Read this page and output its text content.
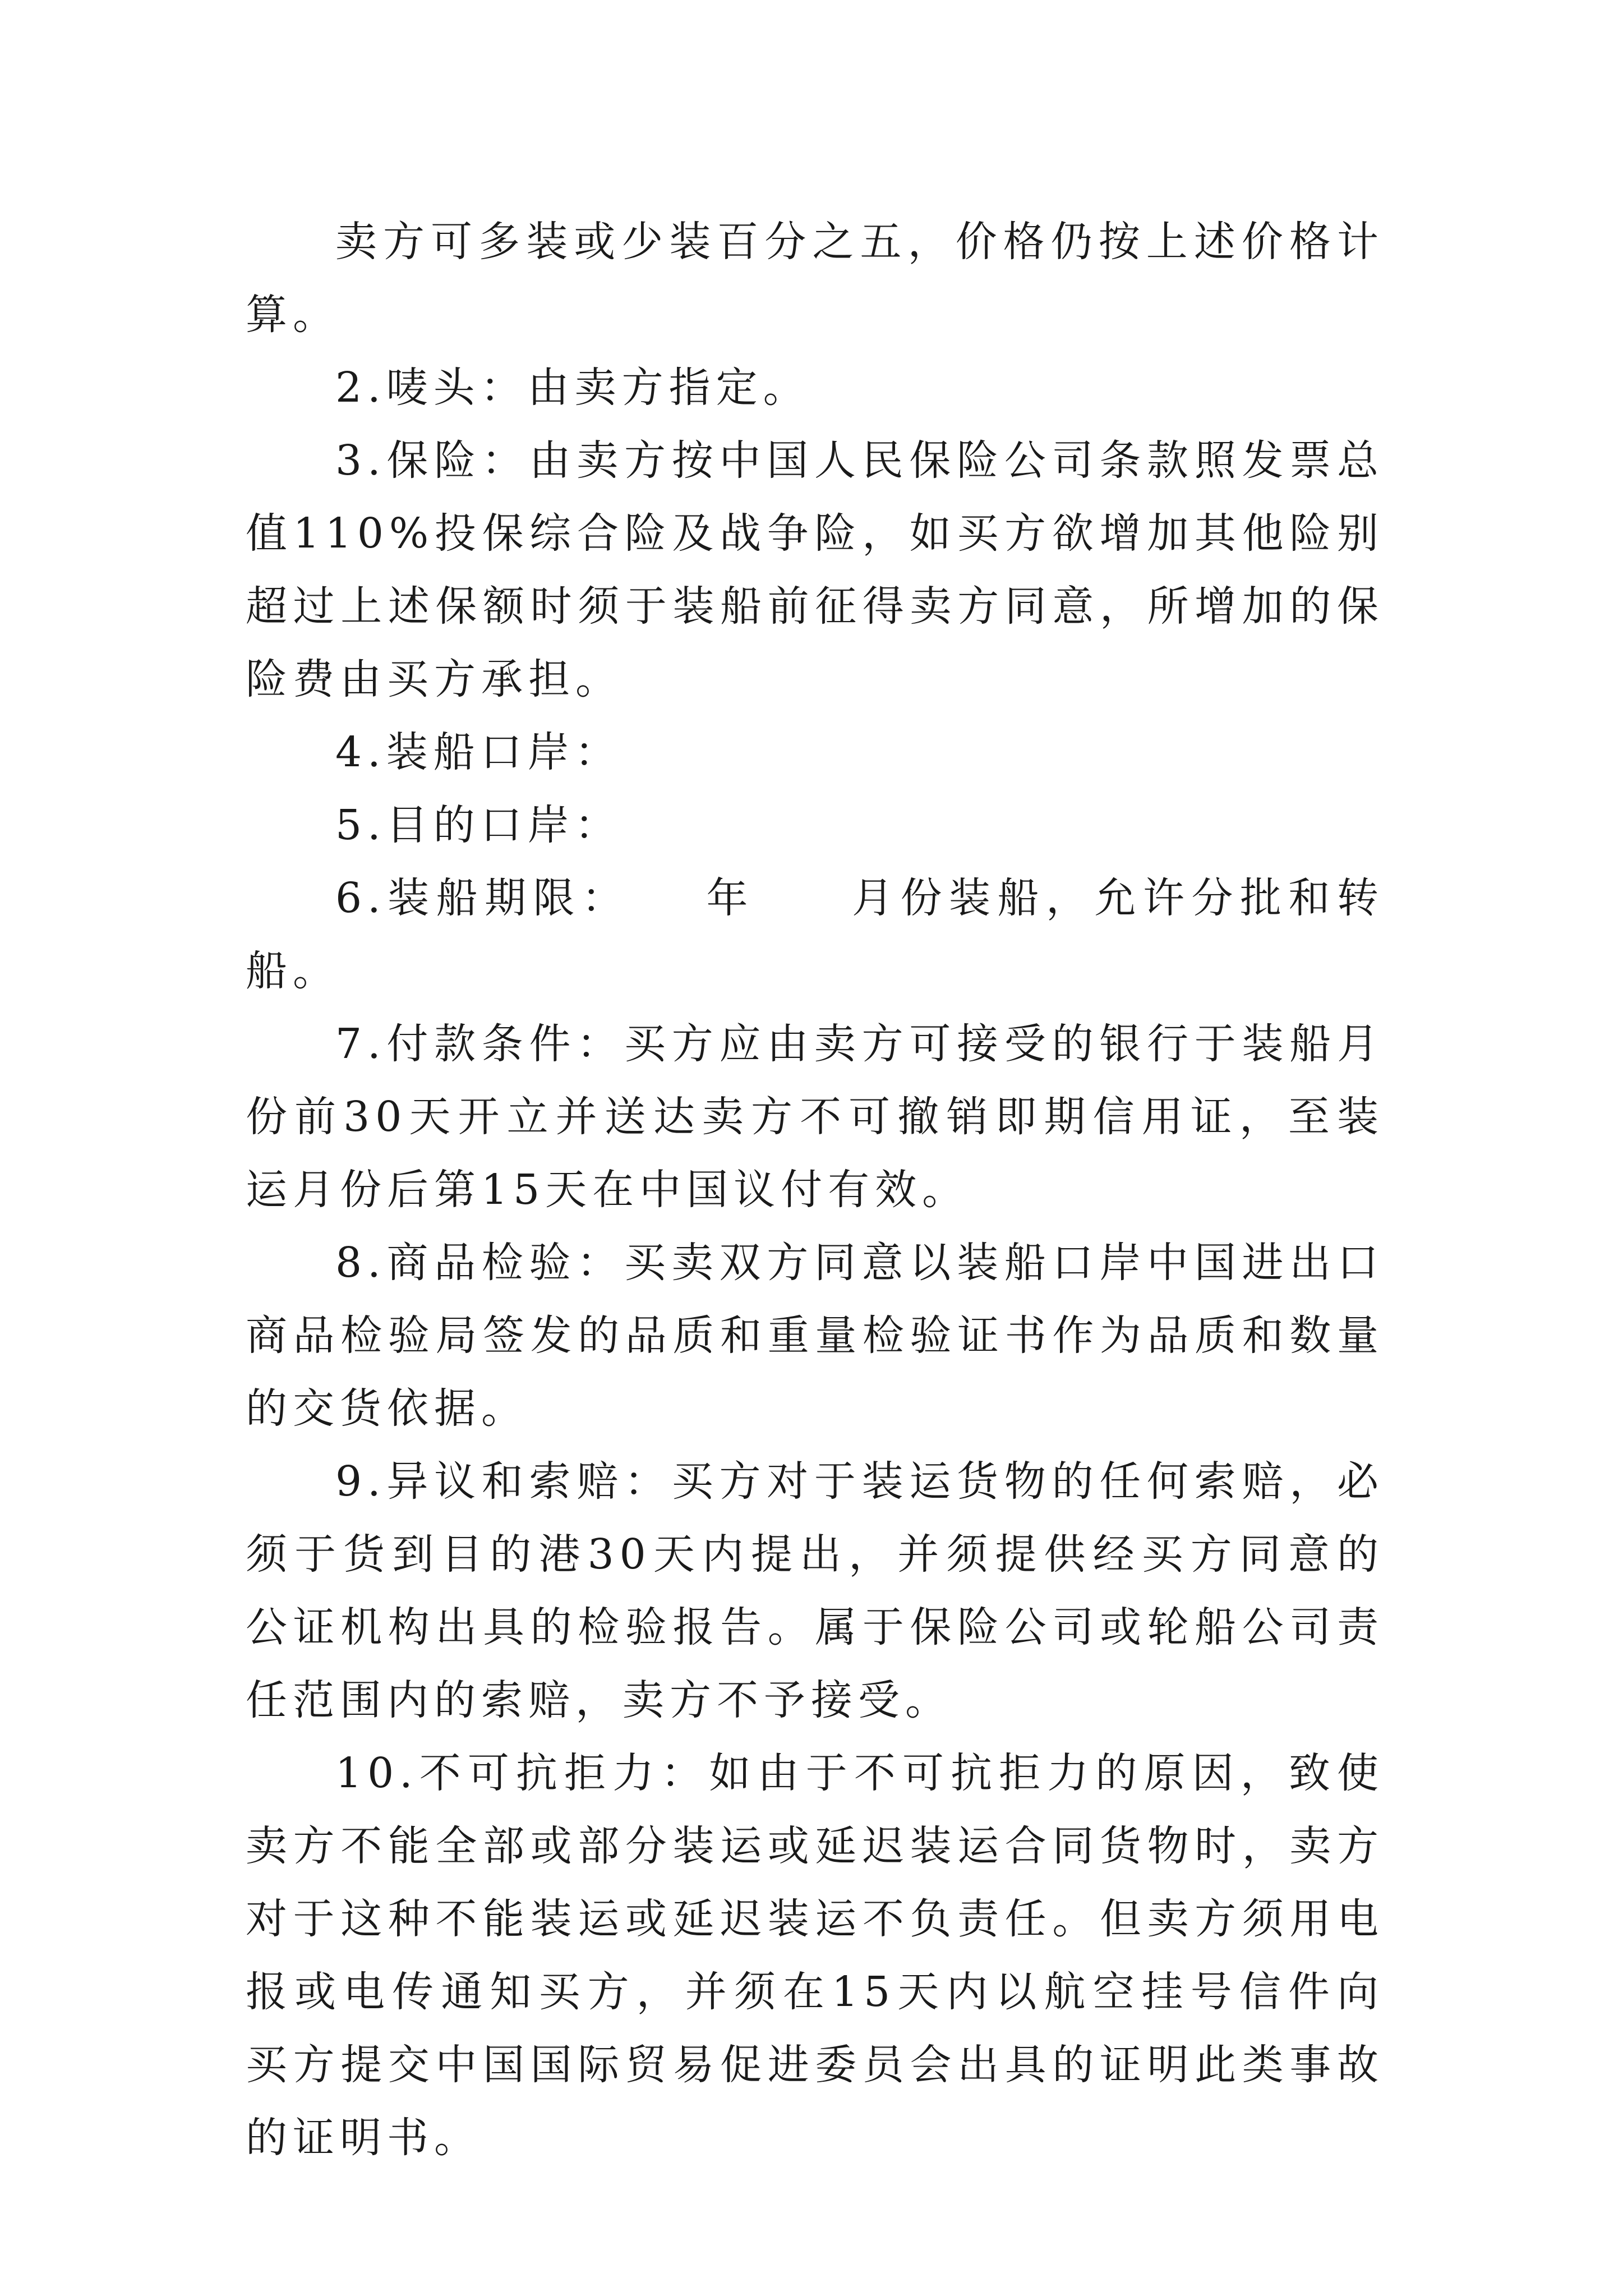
卖方可多装或少装百分之五，价格仍按上述价格计算。

2.唛头：由卖方指定。

3.保险：由卖方按中国人民保险公司条款照发票总值110%投保综合险及战争险，如买方欲增加其他险别超过上述保额时须于装船前征得卖方同意，所增加的保险费由买方承担。

4.装船口岸：

5.目的口岸：

6.装船期限：　　年　　月份装船，允许分批和转船。

7.付款条件：买方应由卖方可接受的银行于装船月份前30天开立并送达卖方不可撤销即期信用证，至装运月份后第15天在中国议付有效。

8.商品检验：买卖双方同意以装船口岸中国进出口商品检验局签发的品质和重量检验证书作为品质和数量的交货依据。

9.异议和索赔：买方对于装运货物的任何索赔，必须于货到目的港30天内提出，并须提供经买方同意的公证机构出具的检验报告。属于保险公司或轮船公司责任范围内的索赔，卖方不予接受。

10.不可抗拒力：如由于不可抗拒力的原因，致使卖方不能全部或部分装运或延迟装运合同货物时，卖方对于这种不能装运或延迟装运不负责任。但卖方须用电报或电传通知买方，并须在15天内以航空挂号信件向买方提交中国国际贸易促进委员会出具的证明此类事故的证明书。
